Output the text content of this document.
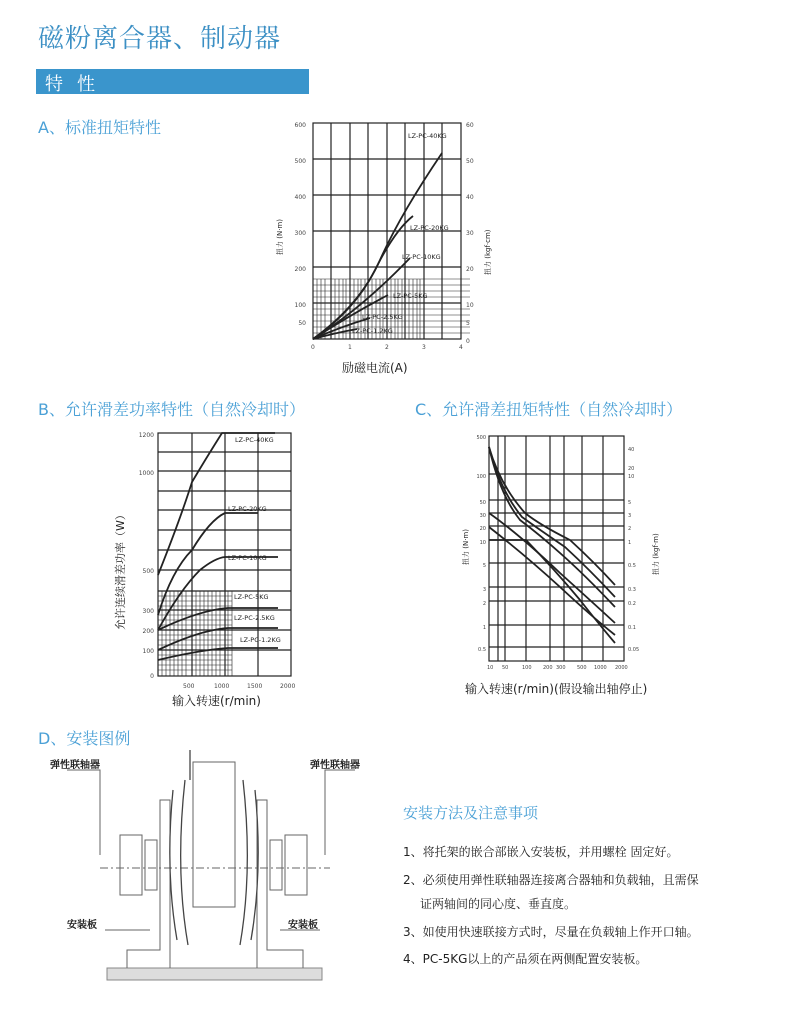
磁粉离合器、制动器
特性
A、标准扭矩特性
B、允许滑差功率特性（自然冷却时）	C、允许滑差扭矩特性（自然冷却时）
D、安装图例
600
500
400
300
200
100
50
60
50
40
30
20
10
5
0
0	1	2	3	4
LZ-PC-40KG
LZ-PC-20KG
LZ-PC-10KG
LZ-PC-5KG
LZ-PC-2.5KG
LZ-PC-1.2KG
扭力 (N·m)	扭力 (kgf·cm)
励磁电流(A)
1200
1000
500
300
200
100
0
500	1000	1500	2000
LZ-PC-40KG
LZ-PC-20KG
LZ-PC-10KG
LZ-PC-5KG
LZ-PC-2.5KG
LZ-PC-1.2KG
允许连续滑差功率（W）
输入转速(r/min)
500
100
50
30
20
10
5
3
2
1
0.5
40
20
10
5
3
2
1
0.5
0.3
0.2
0.1
0.05
10 50	100 200 300 500 1000 2000
扭力 (N·m)	扭力 (kgf·m)
输入转速(r/min)(假设输出轴停止)
弹性联轴器	弹性联轴器
安装板	安装板
安装方法及注意事项
1、将托架的嵌合部嵌入安装板，并用螺栓 固定好。
2、必须使用弹性联轴器连接离合器轴和负载轴，且需保
证两轴间的同心度、垂直度。
3、如使用快速联接方式时，尽量在负载轴上作开口轴。
4、PC-5KG以上的产品须在两侧配置安装板。
